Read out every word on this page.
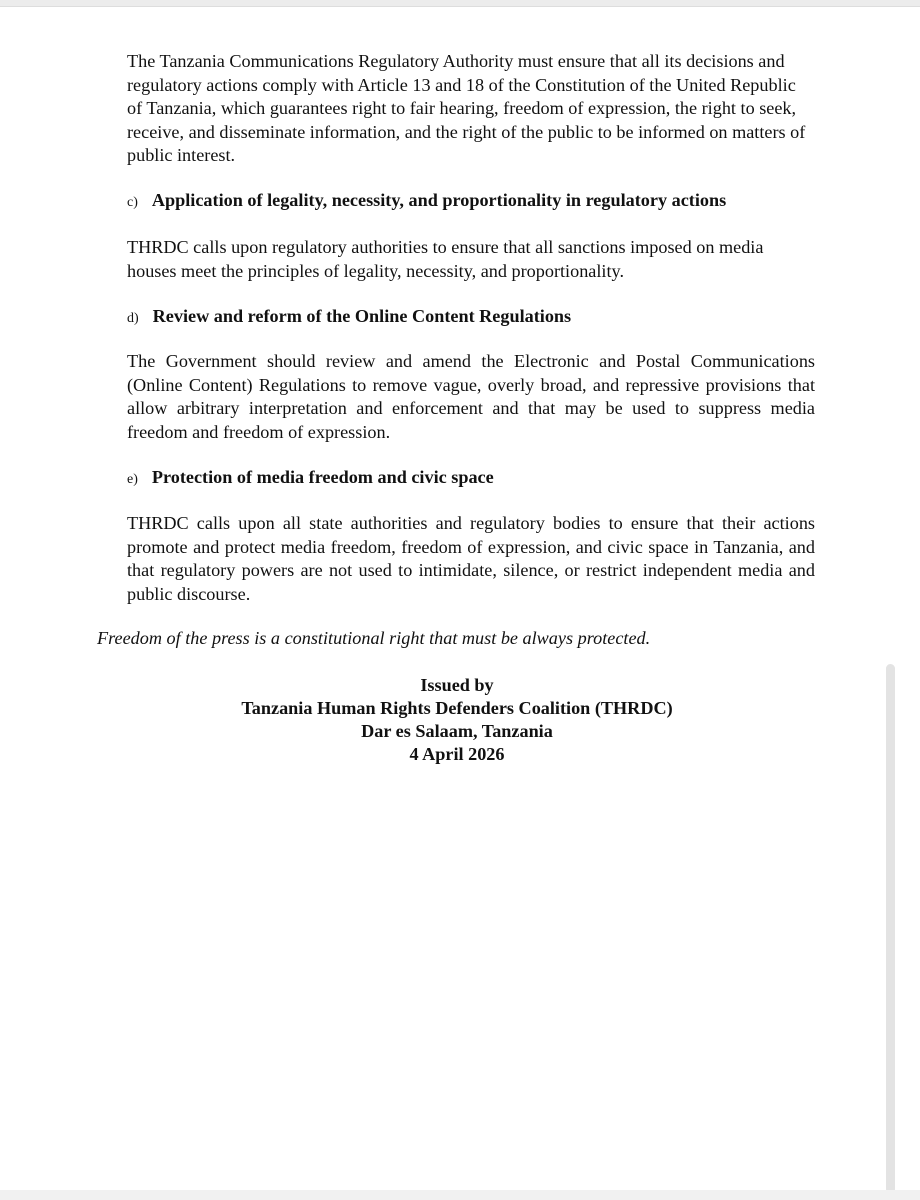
The Tanzania Communications Regulatory Authority must ensure that all its decisions and regulatory actions comply with Article 13 and 18 of the Constitution of the United Republic of Tanzania, which guarantees right to fair hearing, freedom of expression, the right to seek, receive, and disseminate information, and the right of the public to be informed on matters of public interest.

c) Application of legality, necessity, and proportionality in regulatory actions

THRDC calls upon regulatory authorities to ensure that all sanctions imposed on media houses meet the principles of legality, necessity, and proportionality.

d) Review and reform of the Online Content Regulations

The Government should review and amend the Electronic and Postal Communications (Online Content) Regulations to remove vague, overly broad, and repressive provisions that allow arbitrary interpretation and enforcement and that may be used to suppress media freedom and freedom of expression.

e) Protection of media freedom and civic space

THRDC calls upon all state authorities and regulatory bodies to ensure that their actions promote and protect media freedom, freedom of expression, and civic space in Tanzania, and that regulatory powers are not used to intimidate, silence, or restrict independent media and public discourse.

Freedom of the press is a constitutional right that must be always protected.

Issued by
Tanzania Human Rights Defenders Coalition (THRDC)
Dar es Salaam, Tanzania
4 April 2026
